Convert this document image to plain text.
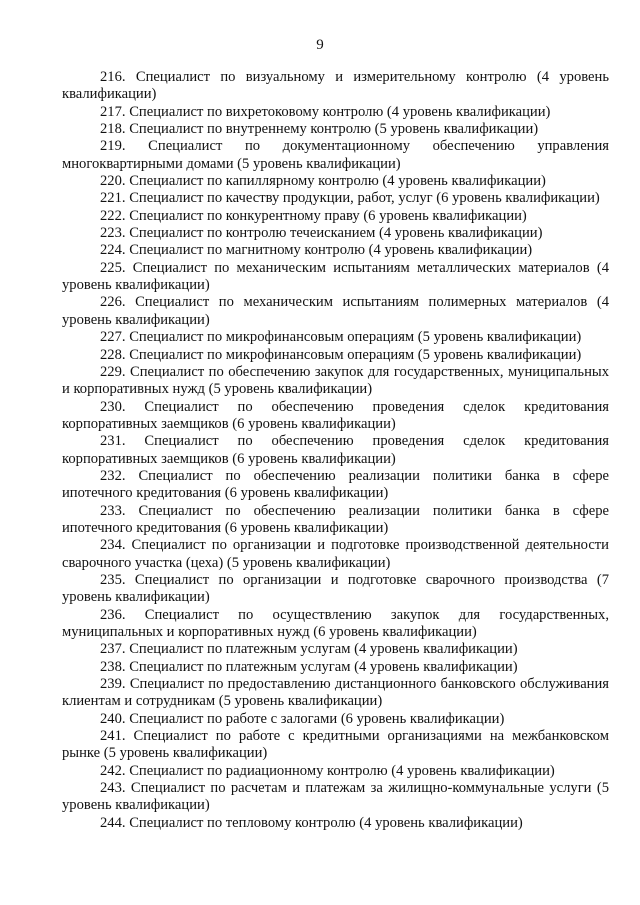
9

216. Специалист по визуальному и измерительному контролю (4 уровень квалификации)

217. Специалист по вихретоковому контролю (4 уровень квалификации)

218. Специалист по внутреннему контролю (5 уровень квалификации)

219. Специалист по документационному обеспечению управления многоквартирными домами (5 уровень квалификации)

220. Специалист по капиллярному контролю (4 уровень квалификации)

221. Специалист по качеству продукции, работ, услуг (6 уровень квалификации)

222. Специалист по конкурентному праву (6 уровень квалификации)

223. Специалист по контролю течеисканием (4 уровень квалификации)

224. Специалист по магнитному контролю (4 уровень квалификации)

225. Специалист по механическим испытаниям металлических материалов (4 уровень квалификации)

226. Специалист по механическим испытаниям полимерных материалов (4 уровень квалификации)

227. Специалист по микрофинансовым операциям (5 уровень квалификации)

228. Специалист по микрофинансовым операциям (5 уровень квалификации)

229. Специалист по обеспечению закупок для государственных, муниципальных и корпоративных нужд (5 уровень квалификации)

230. Специалист по обеспечению проведения сделок кредитования корпоративных заемщиков (6 уровень квалификации)

231. Специалист по обеспечению проведения сделок кредитования корпоративных заемщиков (6 уровень квалификации)

232. Специалист по обеспечению реализации политики банка в сфере ипотечного кредитования (6 уровень квалификации)

233. Специалист по обеспечению реализации политики банка в сфере ипотечного кредитования (6 уровень квалификации)

234. Специалист по организации и подготовке производственной деятельности сварочного участка (цеха) (5 уровень квалификации)

235. Специалист по организации и подготовке сварочного производства (7 уровень квалификации)

236. Специалист по осуществлению закупок для государственных, муниципальных и корпоративных нужд (6 уровень квалификации)

237. Специалист по платежным услугам (4 уровень квалификации)

238. Специалист по платежным услугам (4 уровень квалификации)

239. Специалист по предоставлению дистанционного банковского обслуживания клиентам и сотрудникам (5 уровень квалификации)

240. Специалист по работе с залогами (6 уровень квалификации)

241. Специалист по работе с кредитными организациями на межбанковском рынке (5 уровень квалификации)

242. Специалист по радиационному контролю (4 уровень квалификации)

243. Специалист по расчетам и платежам за жилищно-коммунальные услуги (5 уровень квалификации)

244. Специалист по тепловому контролю (4 уровень квалификации)
